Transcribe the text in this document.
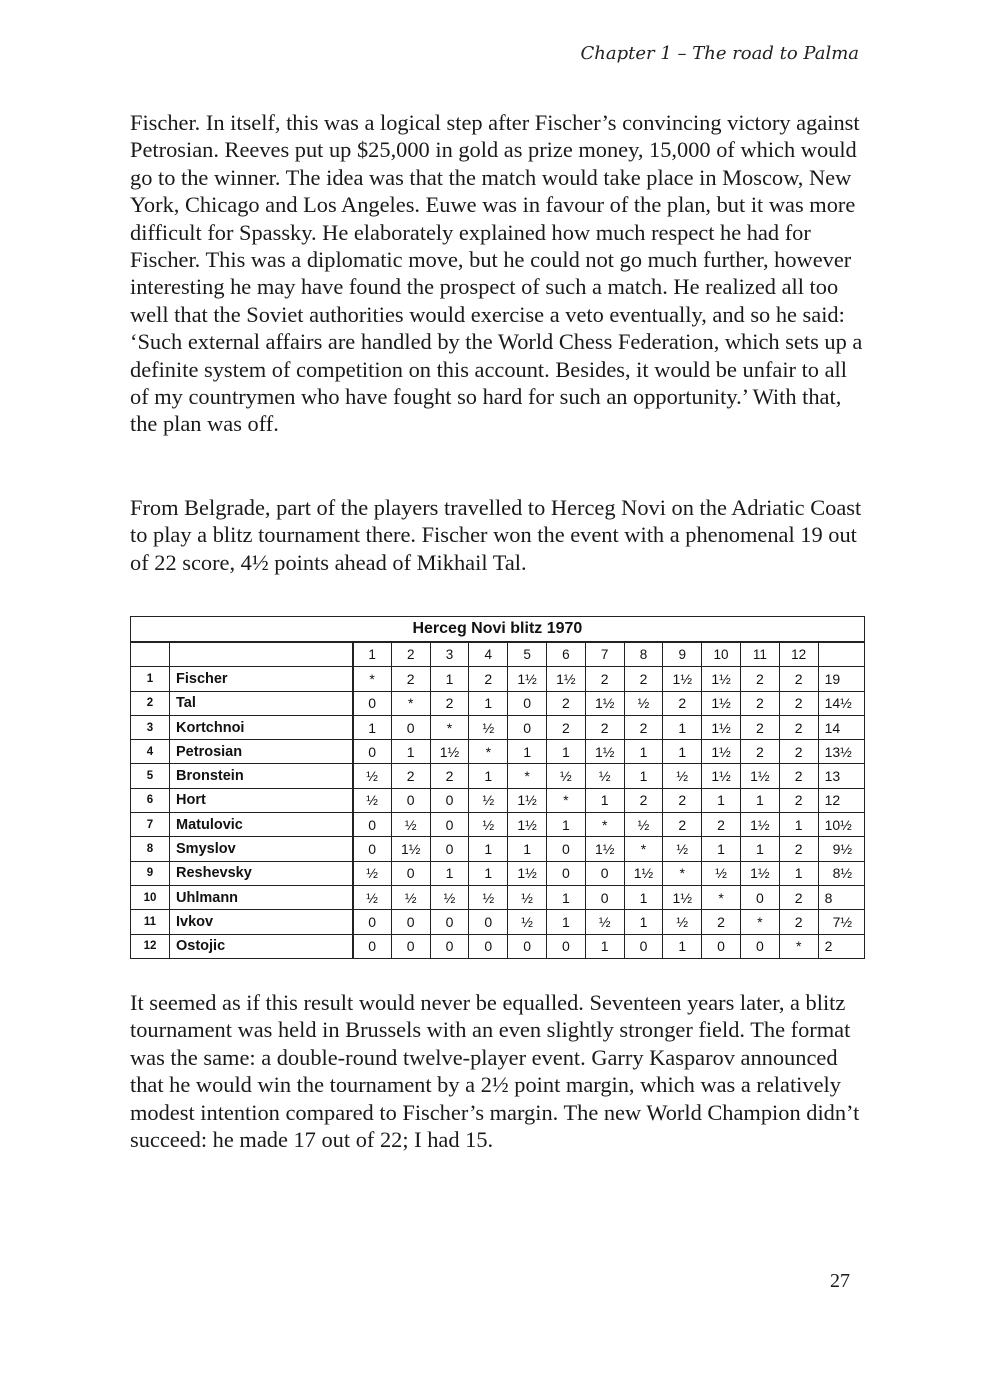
Chapter 1 – The road to Palma

Fischer. In itself, this was a logical step after Fischer’s convincing victory against Petrosian. Reeves put up $25,000 in gold as prize money, 15,000 of which would go to the winner. The idea was that the match would take place in Moscow, New York, Chicago and Los Angeles. Euwe was in favour of the plan, but it was more difficult for Spassky. He elaborately explained how much respect he had for Fischer. This was a diplomatic move, but he could not go much further, however interesting he may have found the prospect of such a match. He realized all too well that the Soviet authorities would exercise a veto eventually, and so he said: ‘Such external affairs are handled by the World Chess Federation, which sets up a definite system of competition on this account. Besides, it would be unfair to all of my countrymen who have fought so hard for such an opportunity.’ With that, the plan was off.

From Belgrade, part of the players travelled to Herceg Novi on the Adriatic Coast to play a blitz tournament there. Fischer won the event with a phenomenal 19 out of 22 score, 4½ points ahead of Mikhail Tal.

Herceg Novi blitz 1970														
		1	2	3	4	5	6	7	8	9	10	11	12	
1	Fischer	*	2	1	2	1½	1½	2	2	1½	1½	2	2	19
2	Tal	0	*	2	1	0	2	1½	½	2	1½	2	2	14½
3	Kortchnoi	1	0	*	½	0	2	2	2	1	1½	2	2	14
4	Petrosian	0	1	1½	*	1	1	1½	1	1	1½	2	2	13½
5	Bronstein	½	2	2	1	*	½	½	1	½	1½	1½	2	13
6	Hort	½	0	0	½	1½	*	1	2	2	1	1	2	12
7	Matulovic	0	½	0	½	1½	1	*	½	2	2	1½	1	10½
8	Smyslov	0	1½	0	1	1	0	1½	*	½	1	1	2	9½
9	Reshevsky	½	0	1	1	1½	0	0	1½	*	½	1½	1	8½
10	Uhlmann	½	½	½	½	½	1	0	1	1½	*	0	2	8
11	Ivkov	0	0	0	0	½	1	½	1	½	2	*	2	7½
12	Ostojic	0	0	0	0	0	0	1	0	1	0	0	*	2

It seemed as if this result would never be equalled. Seventeen years later, a blitz tournament was held in Brussels with an even slightly stronger field. The format was the same: a double-round twelve-player event. Garry Kasparov announced that he would win the tournament by a 2½ point margin, which was a relatively modest intention compared to Fischer’s margin. The new World Champion didn’t succeed: he made 17 out of 22; I had 15.

27
